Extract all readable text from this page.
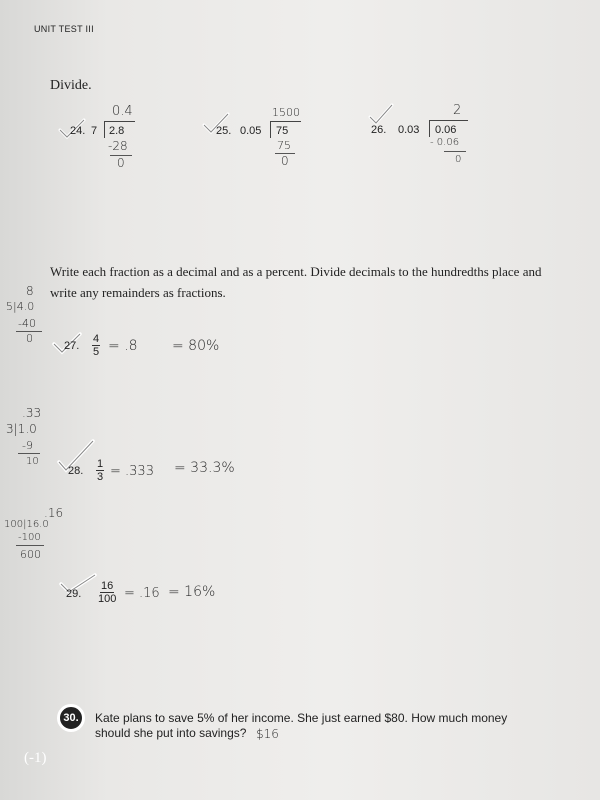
UNIT TEST III
Divide.
24. 7 2.8
0.4
-28
0
25. 0.05 75
1500
75
0
26. 0.03 0.06
2
- 0.06
0
Write each fraction as a decimal and as a percent. Divide decimals to the hundredths place and
write any remainders as fractions.
8
5|4.0
-40
0
27. $\frac{4}{5} = .8 = 80\%$
.33
3|1.0
-9
10
28. $\frac{1}{3} = .333 = 33.3\%$
.16
100|16.0
-100
600
29. $\frac{16}{100} = .16 = 16\%$
30.	Kate plans to save 5% of her income. She just earned $80. How much money
should she put into savings? $16
(-1)
